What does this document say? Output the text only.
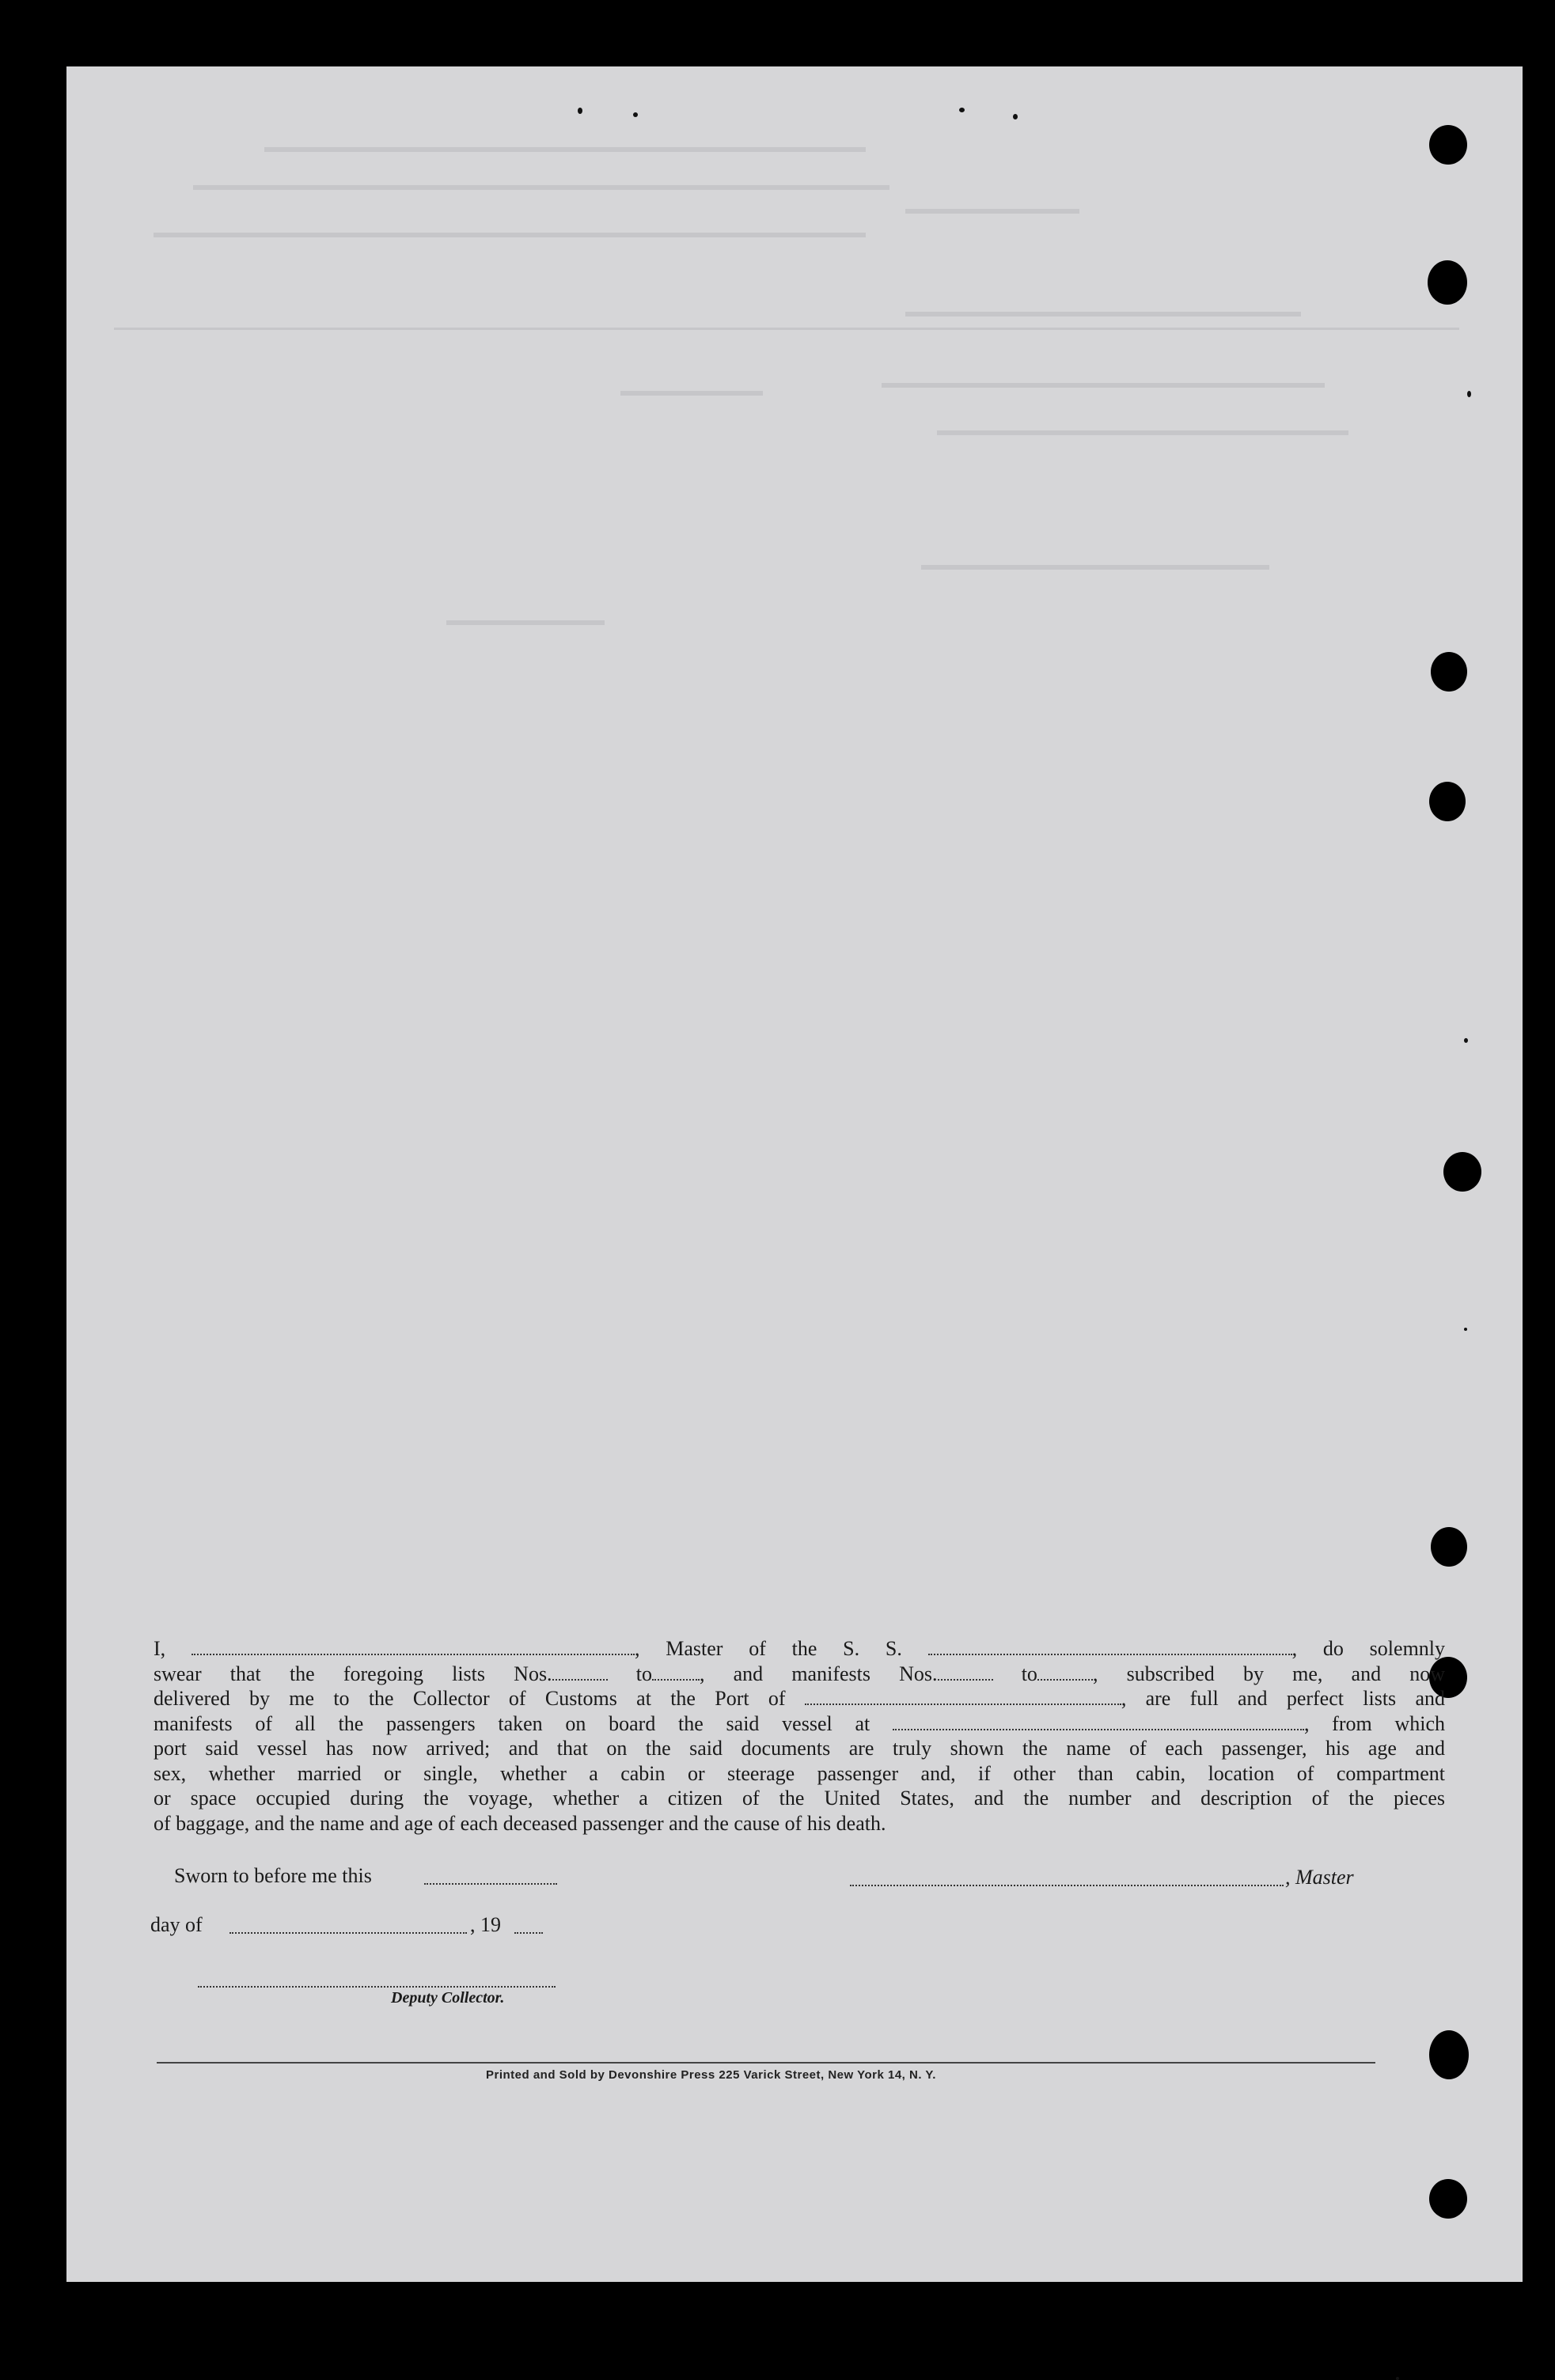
I,	, Master of the S. S.	, do solemnly

swear that the foregoing lists Nos.	to , and manifests Nos.	to	, subscribed by me, and now

delivered by me to the Collector of Customs at the Port of	, are full and perfect lists and

manifests of all the passengers taken on board the said vessel at	, from which

port said vessel has now arrived; and that on the said documents are truly shown the name of each passenger, his age and

sex, whether married or single, whether a cabin or steerage passenger and, if other than cabin, location of compartment

or space occupied during the voyage, whether a citizen of the United States, and the number and description of the pieces

of baggage, and the name and age of each deceased passenger and the cause of his death.

Sworn to before me this	, Master
day of	, 19
Deputy Collector.
Printed and Sold by Devonshire Press 225 Varick Street, New York 14, N. Y.
